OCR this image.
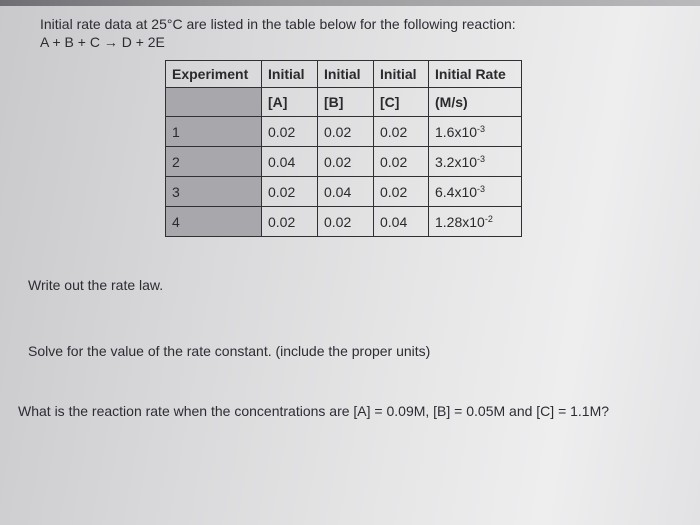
Initial rate data at 25°C are listed in the table below for the following reaction:
A + B + C → D + 2E
Experiment	Initial	Initial	Initial	Initial Rate
	[A]	[B]	[C]	(M/s)
1	0.02	0.02	0.02	$1.6x10^{-3}$
2	0.04	0.02	0.02	$3.2x10^{-3}$
3	0.02	0.04	0.02	$6.4x10^{-3}$
4	0.02	0.02	0.04	$1.28x10^{-2}$
Write out the rate law.
Solve for the value of the rate constant. (include the proper units)
What is the reaction rate when the concentrations are [A] = 0.09M, [B] = 0.05M and [C] = 1.1M?
